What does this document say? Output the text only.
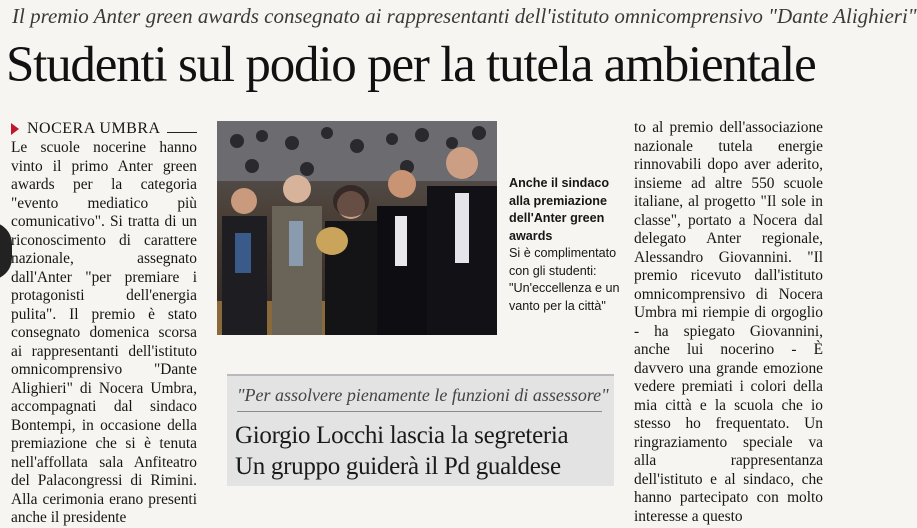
Il premio Anter green awards consegnato ai rappresentanti dell'istituto omnicomprensivo "Dante Alighieri"
Studenti sul podio per la tutela ambientale
NOCERA UMBRA

Le scuole nocerine hanno vinto il primo Anter green awards per la categoria "evento mediatico più comunicativo". Si tratta di un riconoscimento di carattere nazionale, assegnato dall'Anter "per premiare i protagonisti dell'energia pulita". Il premio è stato consegnato domenica scorsa ai rappresentanti dell'istituto omnicomprensivo "Dante Alighieri" di Nocera Umbra, accompagnati dal sindaco Bontempi, in occasione della premiazione che si è tenuta nell'affollata sala Anfiteatro del Palacongressi di Rimini. Alla cerimonia erano presenti anche il presidente

Anche il sindaco alla premiazione dell'Anter green awards
Si è complimentato con gli studenti: "Un'eccellenza e un vanto per la città"
"Per assolvere pienamente le funzioni di assessore"
Giorgio Locchi lascia la segreteria
Un gruppo guiderà il Pd gualdese

to al premio dell'associazione nazionale tutela energie rinnovabili dopo aver aderito, insieme ad altre 550 scuole italiane, al progetto "Il sole in classe", portato a Nocera dal delegato Anter regionale, Alessandro Giovannini. "Il premio ricevuto dall'istituto omnicomprensivo di Nocera Umbra mi riempie di orgoglio - ha spiegato Giovannini, anche lui nocerino - È davvero una grande emozione vedere premiati i colori della mia città e la scuola che io stesso ho frequentato. Un ringraziamento speciale va alla rappresentanza dell'istituto e al sindaco, che hanno partecipato con molto interesse a questo
